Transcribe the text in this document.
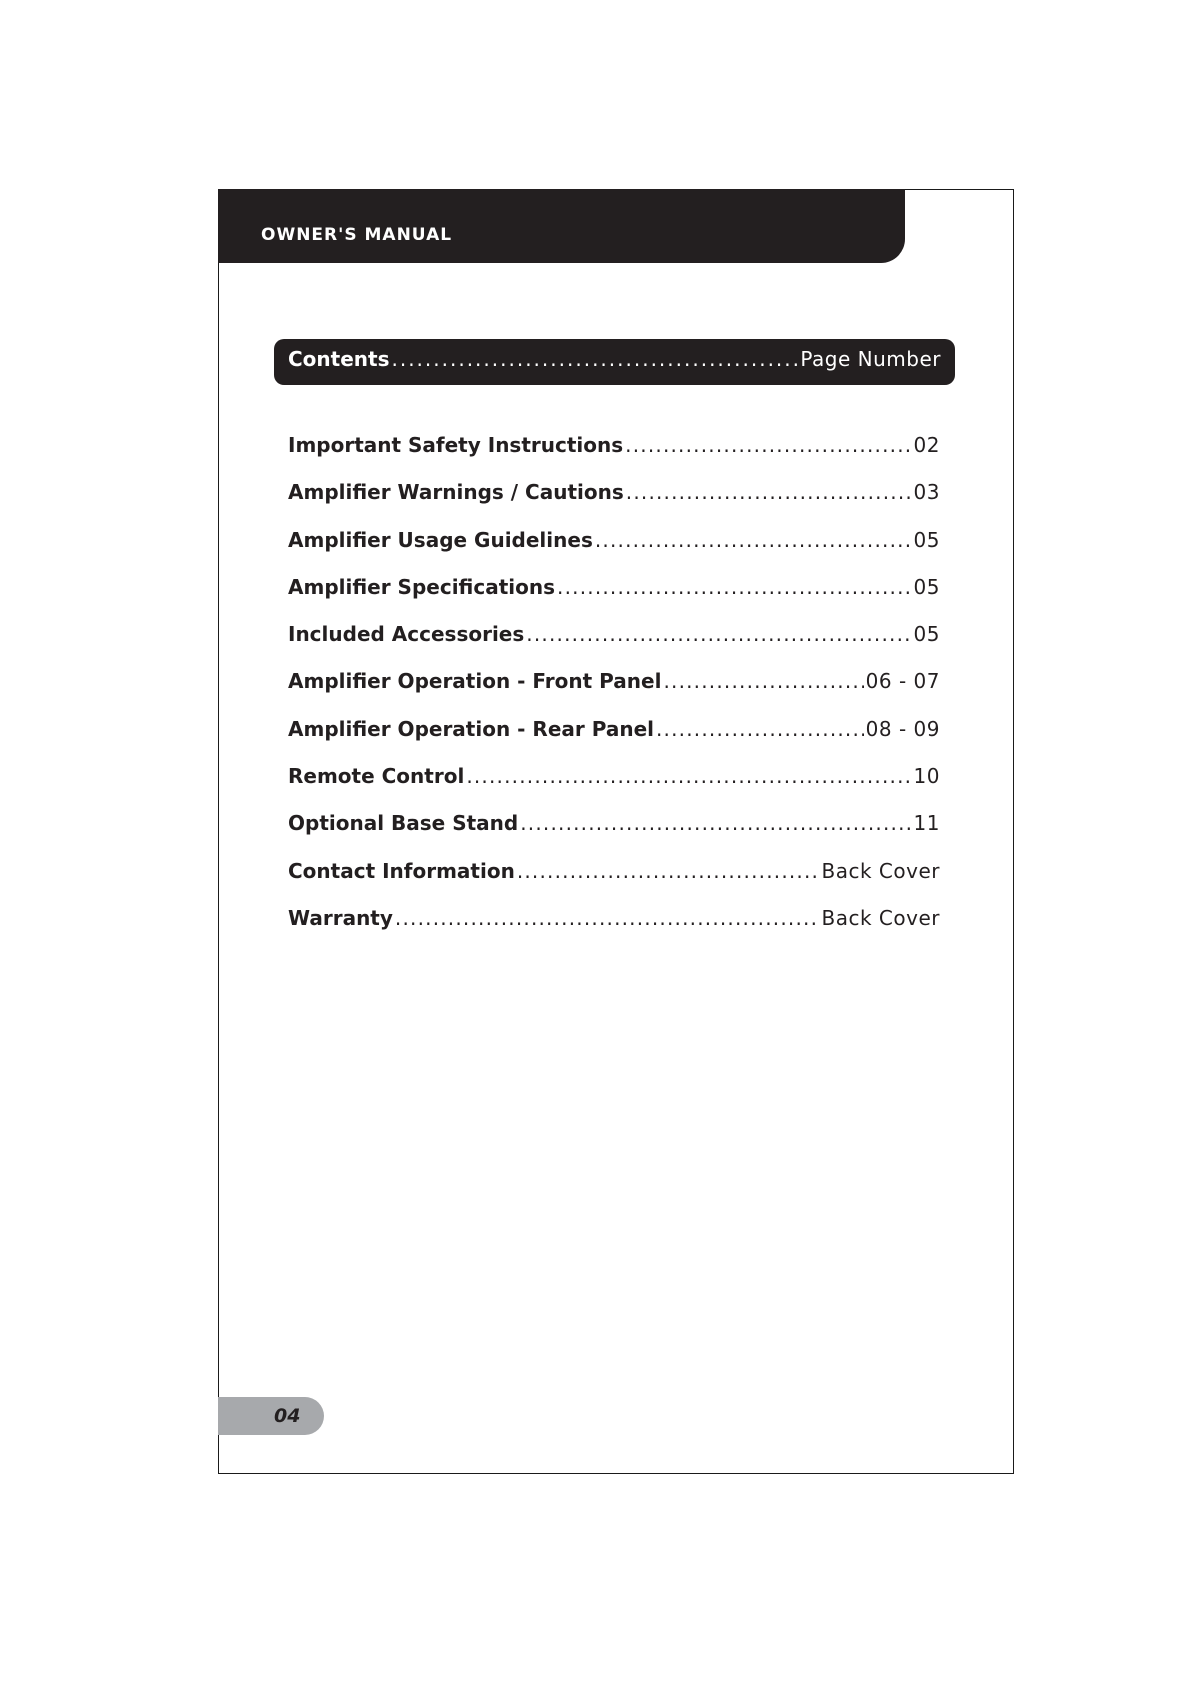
OWNER'S MANUAL
Contents .....	Page Number
Important Safety Instructions .....	02
Amplifier Warnings / Cautions .....	03
Amplifier Usage Guidelines .....	05
Amplifier Specifications .....	05
Included Accessories .....	05
Amplifier Operation - Front Panel .....	06 - 07
Amplifier Operation - Rear Panel .....	08 - 09
Remote Control .....	10
Optional Base Stand .....	11
Contact Information .....	Back Cover
Warranty .....	Back Cover
04
